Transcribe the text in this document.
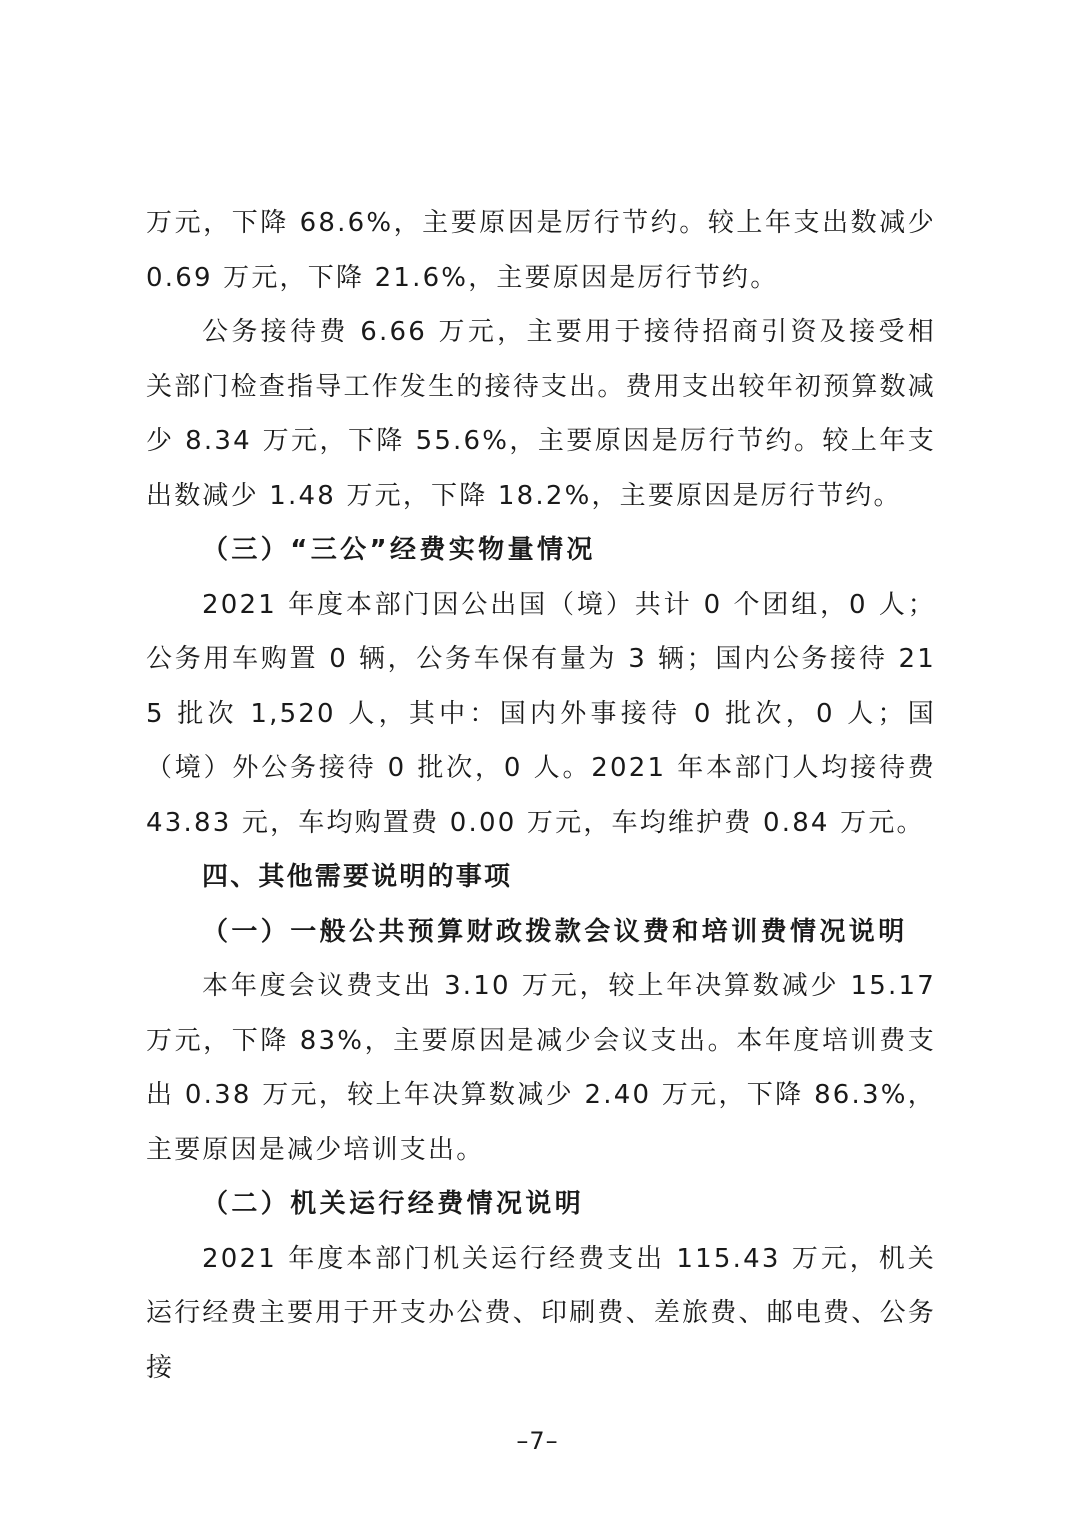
万元，下降 68.6%，主要原因是厉行节约。较上年支出数减少 0.69 万元，下降 21.6%，主要原因是厉行节约。

公务接待费 6.66 万元，主要用于接待招商引资及接受相关部门检查指导工作发生的接待支出。费用支出较年初预算数减少 8.34 万元，下降 55.6%，主要原因是厉行节约。较上年支出数减少 1.48 万元，下降 18.2%，主要原因是厉行节约。

（三）“三公”经费实物量情况

2021 年度本部门因公出国（境）共计 0 个团组，0 人；公务用车购置 0 辆，公务车保有量为 3 辆；国内公务接待 215 批次 1,520 人，其中：国内外事接待 0 批次，0 人；国（境）外公务接待 0 批次，0 人。2021 年本部门人均接待费 43.83 元，车均购置费 0.00 万元，车均维护费 0.84 万元。

四、其他需要说明的事项

（一）一般公共预算财政拨款会议费和培训费情况说明

本年度会议费支出 3.10 万元，较上年决算数减少 15.17 万元，下降 83%，主要原因是减少会议支出。本年度培训费支出 0.38 万元，较上年决算数减少 2.40 万元，下降 86.3%，主要原因是减少培训支出。

（二）机关运行经费情况说明

2021 年度本部门机关运行经费支出 115.43 万元，机关运行经费主要用于开支办公费、印刷费、差旅费、邮电费、公务接

–7–
